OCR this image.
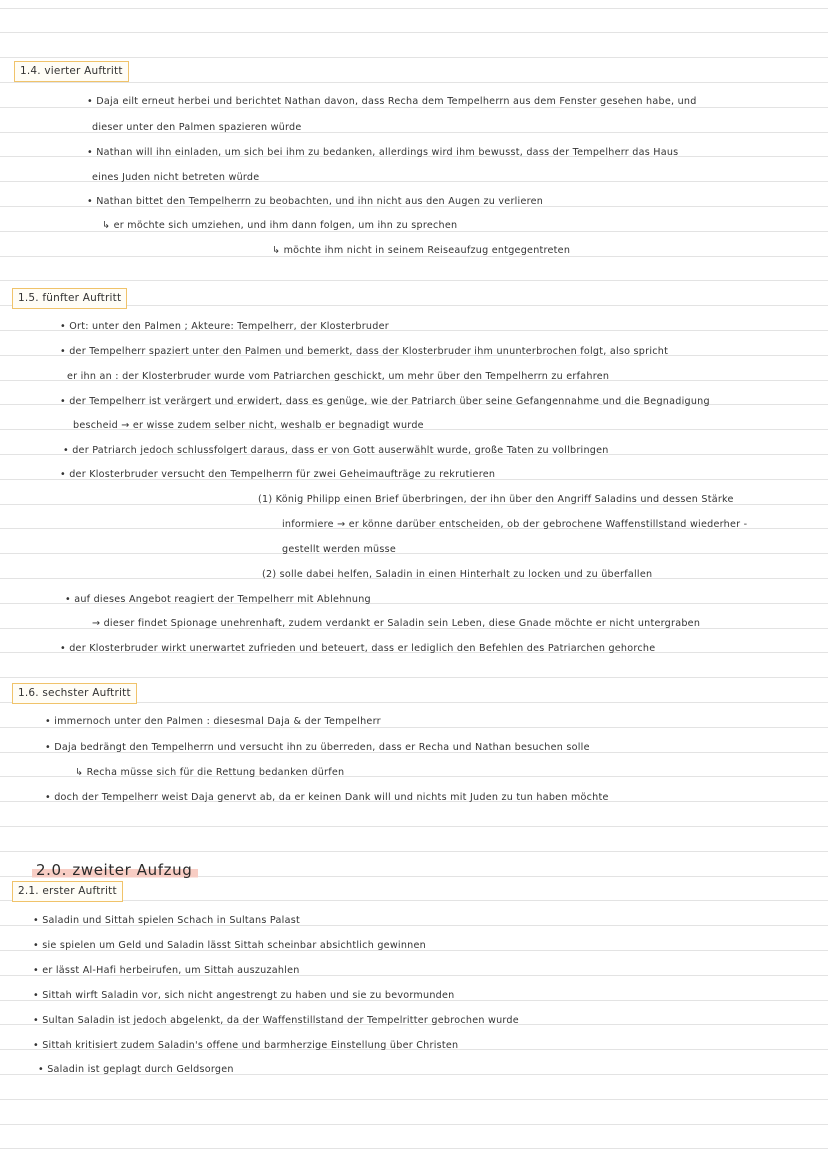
1.4. vierter Auftritt
• Daja eilt erneut herbei und berichtet Nathan davon, dass Recha dem Tempelherrn aus dem Fenster gesehen habe, und
dieser unter den Palmen spazieren würde
• Nathan will ihn einladen, um sich bei ihm zu bedanken, allerdings wird ihm bewusst, dass der Tempelherr das Haus
eines Juden nicht betreten würde
• Nathan bittet den Tempelherrn zu beobachten, und ihn nicht aus den Augen zu verlieren
↳ er möchte sich umziehen, und ihm dann folgen, um ihn zu sprechen
↳ möchte ihm nicht in seinem Reiseaufzug entgegentreten
1.5. fünfter Auftritt
• Ort: unter den Palmen ; Akteure: Tempelherr, der Klosterbruder
• der Tempelherr spaziert unter den Palmen und bemerkt, dass der Klosterbruder ihm ununterbrochen folgt, also spricht
er ihn an : der Klosterbruder wurde vom Patriarchen geschickt, um mehr über den Tempelherrn zu erfahren
• der Tempelherr ist verärgert und erwidert, dass es genüge, wie der Patriarch über seine Gefangennahme und die Begnadigung
bescheid → er wisse zudem selber nicht, weshalb er begnadigt wurde
• der Patriarch jedoch schlussfolgert daraus, dass er von Gott auserwählt wurde, große Taten zu vollbringen
• der Klosterbruder versucht den Tempelherrn für zwei Geheimaufträge zu rekrutieren
(1) König Philipp einen Brief überbringen, der ihn über den Angriff Saladins und dessen Stärke
informiere → er könne darüber entscheiden, ob der gebrochene Waffenstillstand wiederher -
gestellt werden müsse
(2) solle dabei helfen, Saladin in einen Hinterhalt zu locken und zu überfallen
• auf dieses Angebot reagiert der Tempelherr mit Ablehnung
→ dieser findet Spionage unehrenhaft, zudem verdankt er Saladin sein Leben, diese Gnade möchte er nicht untergraben
• der Klosterbruder wirkt unerwartet zufrieden und beteuert, dass er lediglich den Befehlen des Patriarchen gehorche
1.6. sechster Auftritt
• immernoch unter den Palmen : diesesmal Daja & der Tempelherr
• Daja bedrängt den Tempelherrn und versucht ihn zu überreden, dass er Recha und Nathan besuchen solle
↳ Recha müsse sich für die Rettung bedanken dürfen
• doch der Tempelherr weist Daja genervt ab, da er keinen Dank will und nichts mit Juden zu tun haben möchte
2.0. zweiter Aufzug
2.1. erster Auftritt
• Saladin und Sittah spielen Schach in Sultans Palast
• sie spielen um Geld und Saladin lässt Sittah scheinbar absichtlich gewinnen
• er lässt Al-Hafi herbeirufen, um Sittah auszuzahlen
• Sittah wirft Saladin vor, sich nicht angestrengt zu haben und sie zu bevormunden
• Sultan Saladin ist jedoch abgelenkt, da der Waffenstillstand der Tempelritter gebrochen wurde
• Sittah kritisiert zudem Saladin's offene und barmherzige Einstellung über Christen
• Saladin ist geplagt durch Geldsorgen
